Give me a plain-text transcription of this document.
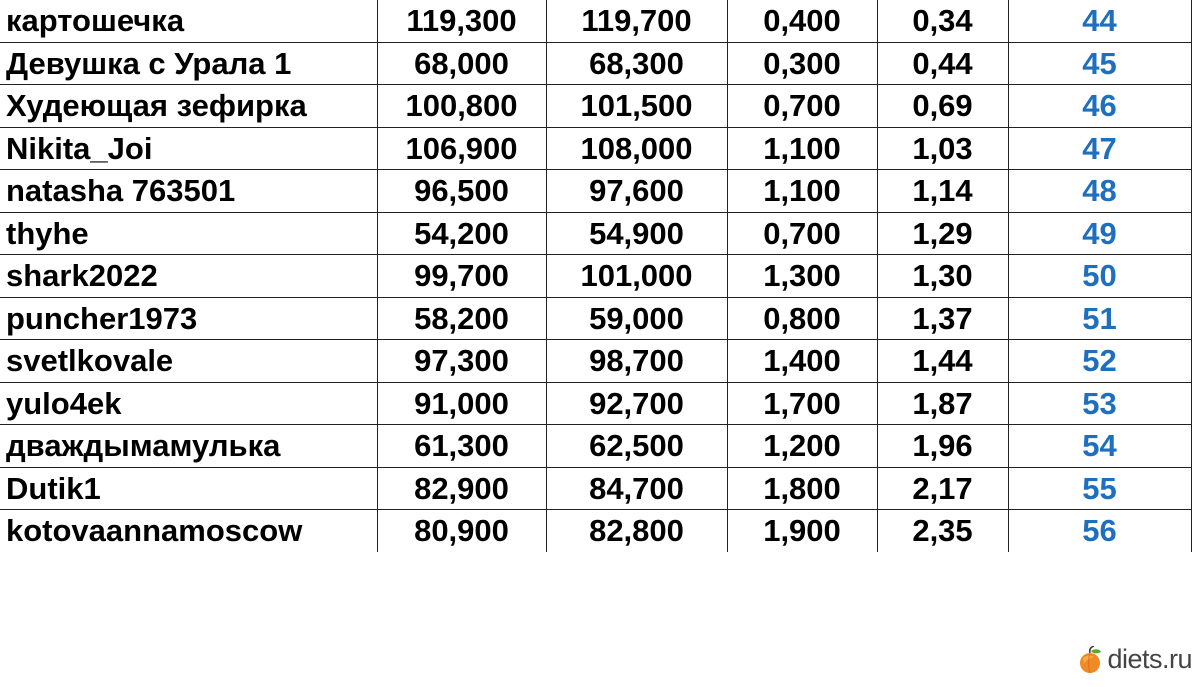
картошечка	119,300	119,700	0,400	0,34	44
Девушка с Урала 1	68,000	68,300	0,300	0,44	45
Худеющая зефирка	100,800	101,500	0,700	0,69	46
Nikita_Joi	106,900	108,000	1,100	1,03	47
natasha 763501	96,500	97,600	1,100	1,14	48
thyhe	54,200	54,900	0,700	1,29	49
shark2022	99,700	101,000	1,300	1,30	50
puncher1973	58,200	59,000	0,800	1,37	51
svetlkovale	97,300	98,700	1,400	1,44	52
yulo4ek	91,000	92,700	1,700	1,87	53
дваждымамулька	61,300	62,500	1,200	1,96	54
Dutik1	82,900	84,700	1,800	2,17	55
kotovaannamoscow	80,900	82,800	1,900	2,35	56
diets.ru
